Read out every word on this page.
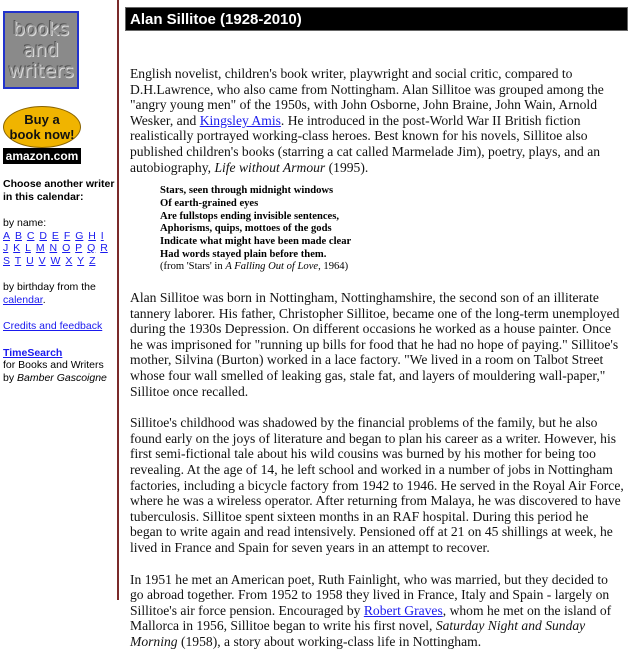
books
and
writers
Buy a
book now!
amazon.com
Choose another writer in this calendar:
by name:
A B C D E F G H I J K L M N O P Q R S T U V W X Y Z
by birthday from the calendar.
Credits and feedback
TimeSearch
for Books and Writers
by Bamber Gascoigne
Alan Sillitoe (1928-2010)

English novelist, children's book writer, playwright and social critic, compared to D.H.Lawrence, who also came from Nottingham. Alan Sillitoe was grouped among the "angry young men" of the 1950s, with John Osborne, John Braine, John Wain, Arnold Wesker, and Kingsley Amis. He introduced in the post-World War II British fiction realistically portrayed working-class heroes. Best known for his novels, Sillitoe also published children's books (starring a cat called Marmelade Jim), poetry, plays, and an autobiography, Life without Armour (1995).

Stars, seen through midnight windows
Of earth-grained eyes
Are fullstops ending invisible sentences,
Aphorisms, quips, mottoes of the gods
Indicate what might have been made clear
Had words stayed plain before them.
(from 'Stars' in A Falling Out of Love, 1964)

Alan Sillitoe was born in Nottingham, Nottinghamshire, the second son of an illiterate tannery laborer. His father, Christopher Sillitoe, became one of the long-term unemployed during the 1930s Depression. On different occasions he worked as a house painter. Once he was imprisoned for "running up bills for food that he had no hope of paying." Sillitoe's mother, Silvina (Burton) worked in a lace factory. "We lived in a room on Talbot Street whose four wall smelled of leaking gas, stale fat, and layers of mouldering wall-paper," Sillitoe once recalled.

Sillitoe's childhood was shadowed by the financial problems of the family, but he also found early on the joys of literature and began to plan his career as a writer. However, his first semi-fictional tale about his wild cousins was burned by his mother for being too revealing. At the age of 14, he left school and worked in a number of jobs in Nottingham factories, including a bicycle factory from 1942 to 1946. He served in the Royal Air Force, where he was a wireless operator. After returning from Malaya, he was discovered to have tuberculosis. Sillitoe spent sixteen months in an RAF hospital. During this period he began to write again and read intensively. Pensioned off at 21 on 45 shillings at week, he lived in France and Spain for seven years in an attempt to recover.

In 1951 he met an American poet, Ruth Fainlight, who was married, but they decided to go abroad together. From 1952 to 1958 they lived in France, Italy and Spain - largely on Sillitoe's air force pension. Encouraged by Robert Graves, whom he met on the island of Mallorca in 1956, Sillitoe began to write his first novel, Saturday Night and Sunday Morning (1958), a story about working-class life in Nottingham.
